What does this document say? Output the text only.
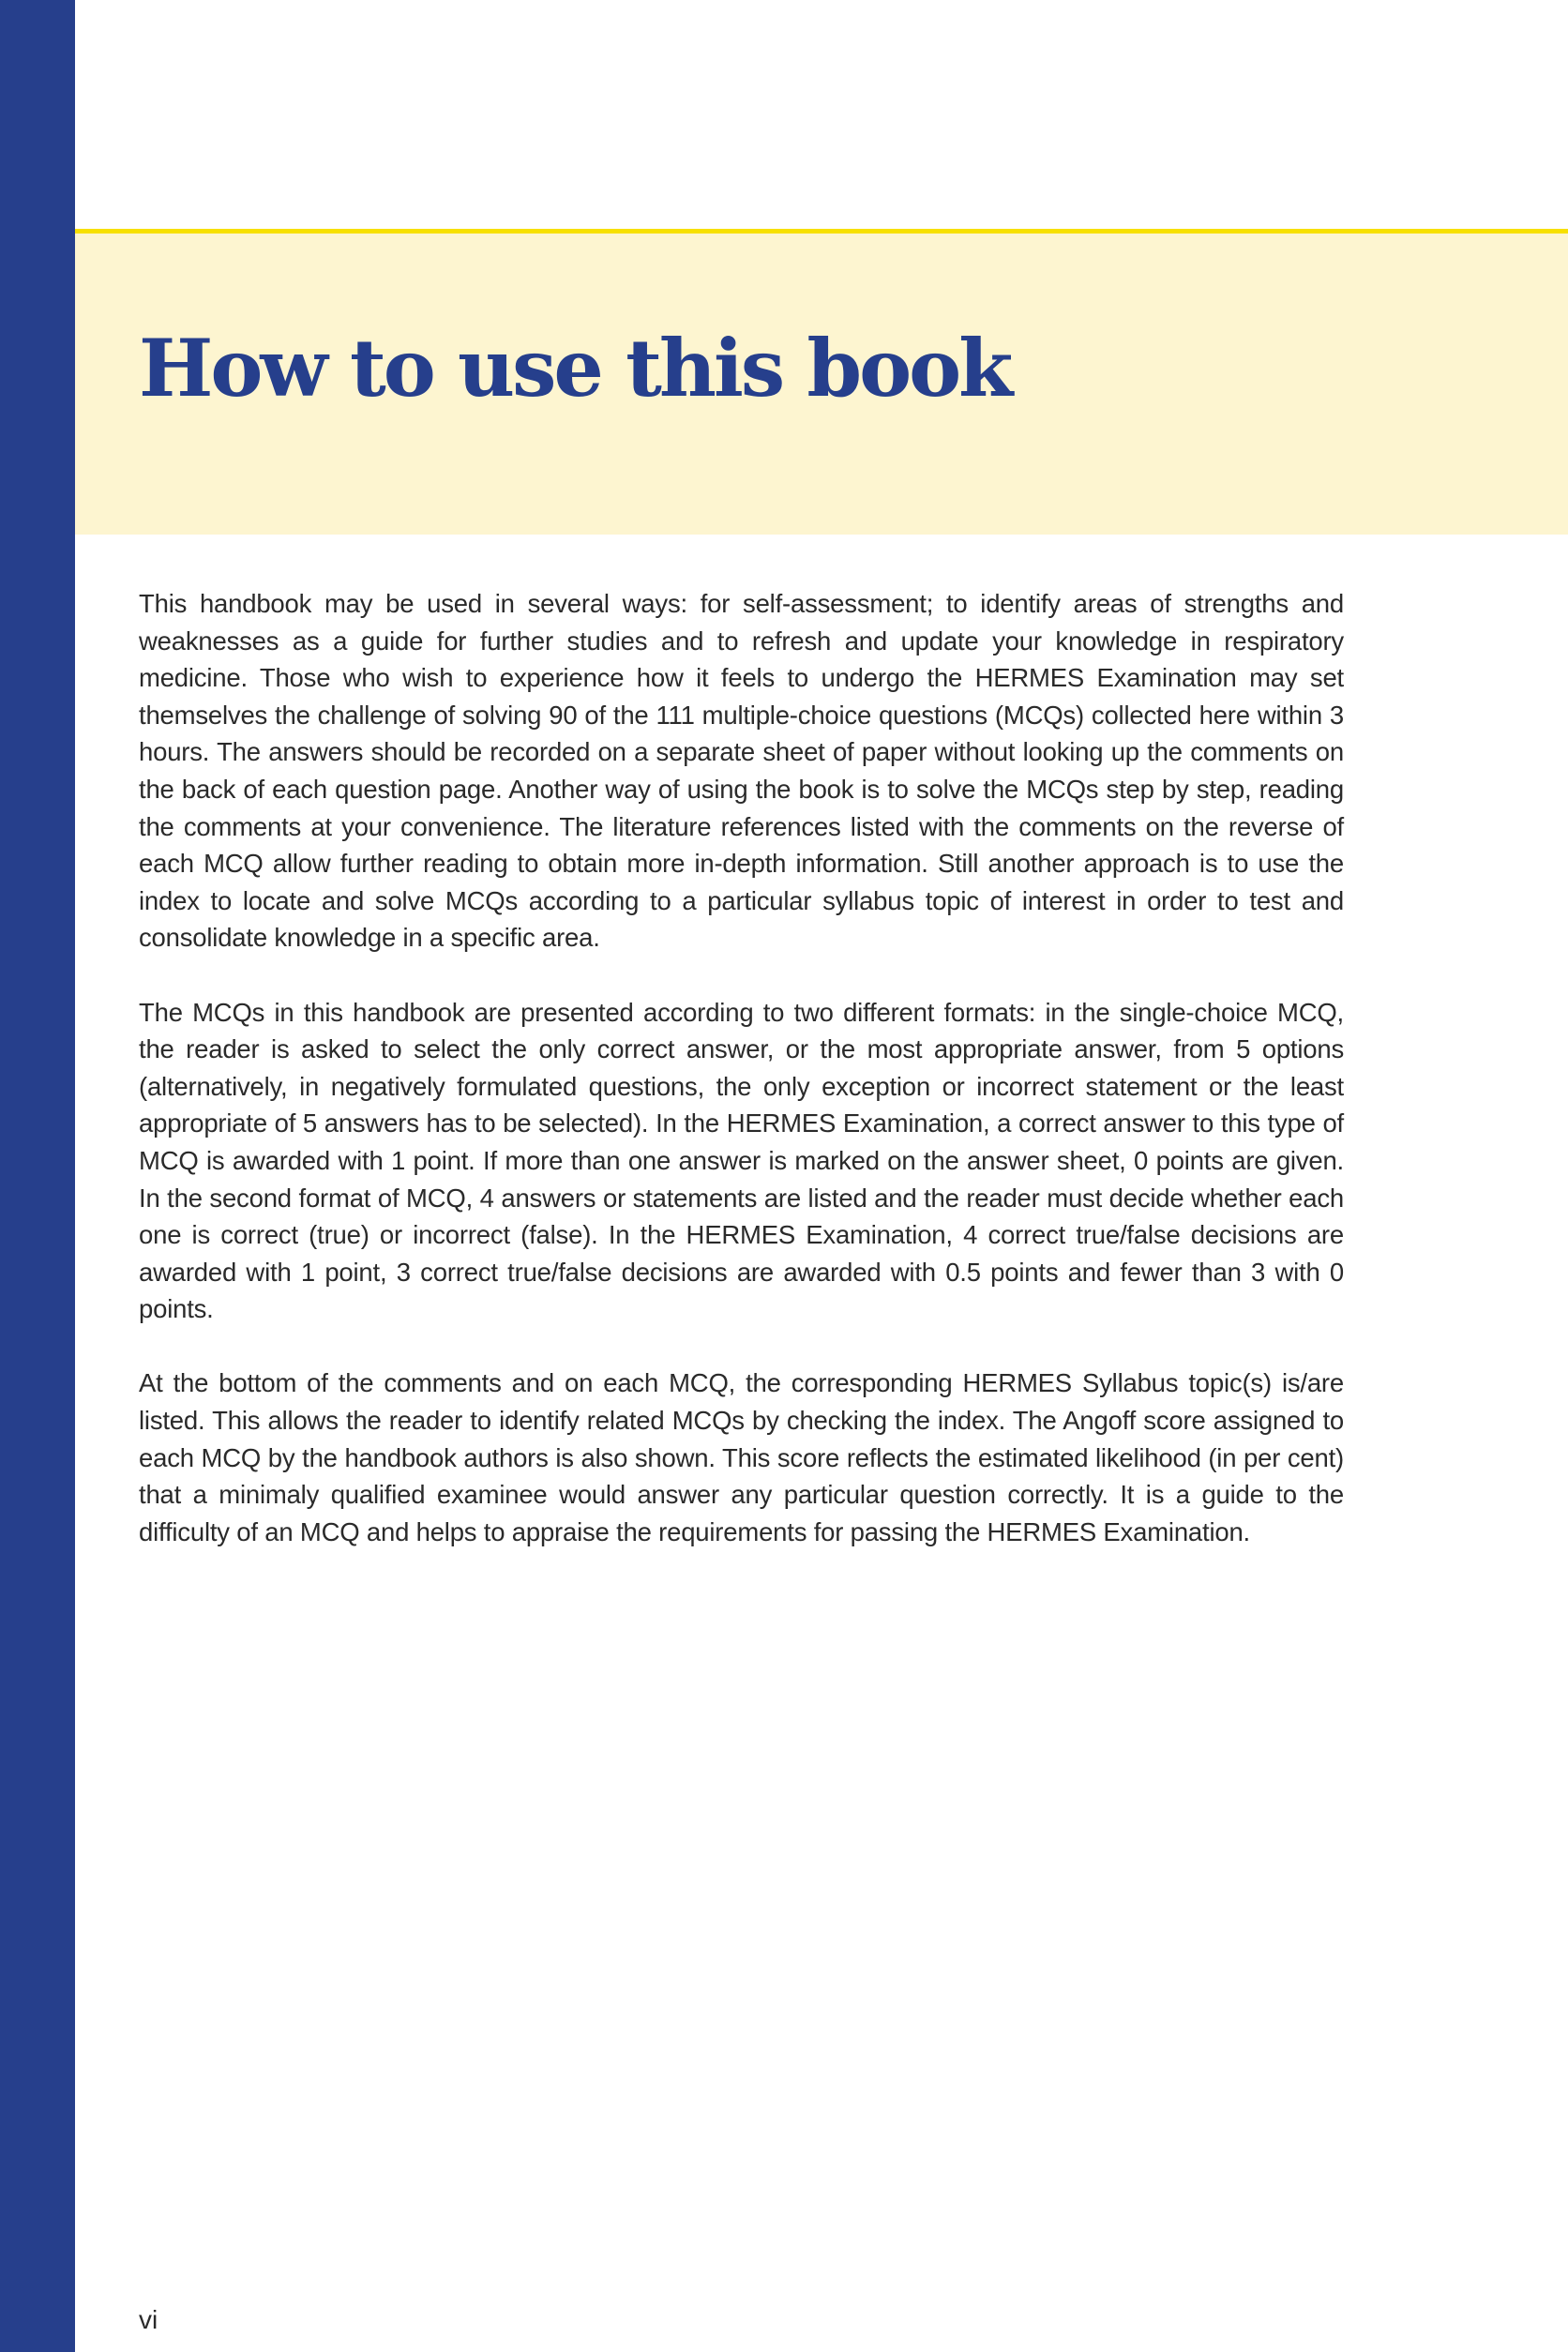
How to use this book

This handbook may be used in several ways: for self-assessment; to identify areas of strengths and weaknesses as a guide for further studies and to refresh and update your knowledge in respiratory medicine. Those who wish to experience how it feels to undergo the HERMES Examination may set themselves the challenge of solving 90 of the 111 multiple-choice questions (MCQs) collected here within 3 hours. The answers should be recorded on a separate sheet of paper without looking up the comments on the back of each question page. Another way of using the book is to solve the MCQs step by step, reading the comments at your convenience. The literature references listed with the comments on the reverse of each MCQ allow further reading to obtain more in-depth information. Still another approach is to use the index to locate and solve MCQs according to a particular syllabus topic of interest in order to test and consolidate knowledge in a specific area.

The MCQs in this handbook are presented according to two different formats: in the single-choice MCQ, the reader is asked to select the only correct answer, or the most appropriate answer, from 5 options (alternatively, in negatively formulated questions, the only exception or incorrect statement or the least appropriate of 5 answers has to be selected). In the HERMES Examination, a correct answer to this type of MCQ is awarded with 1 point. If more than one answer is marked on the answer sheet, 0 points are given. In the second format of MCQ, 4 answers or statements are listed and the reader must decide whether each one is correct (true) or incorrect (false). In the HERMES Examination, 4 correct true/false decisions are awarded with 1 point, 3 correct true/false decisions are awarded with 0.5 points and fewer than 3 with 0 points.

At the bottom of the comments and on each MCQ, the corresponding HERMES Syllabus topic(s) is/are listed. This allows the reader to identify related MCQs by checking the index. The Angoff score assigned to each MCQ by the handbook authors is also shown. This score reflects the estimated likelihood (in per cent) that a minimaly qualified examinee would answer any particular question correctly. It is a guide to the difficulty of an MCQ and helps to appraise the requirements for passing the HERMES Examination.

vi
